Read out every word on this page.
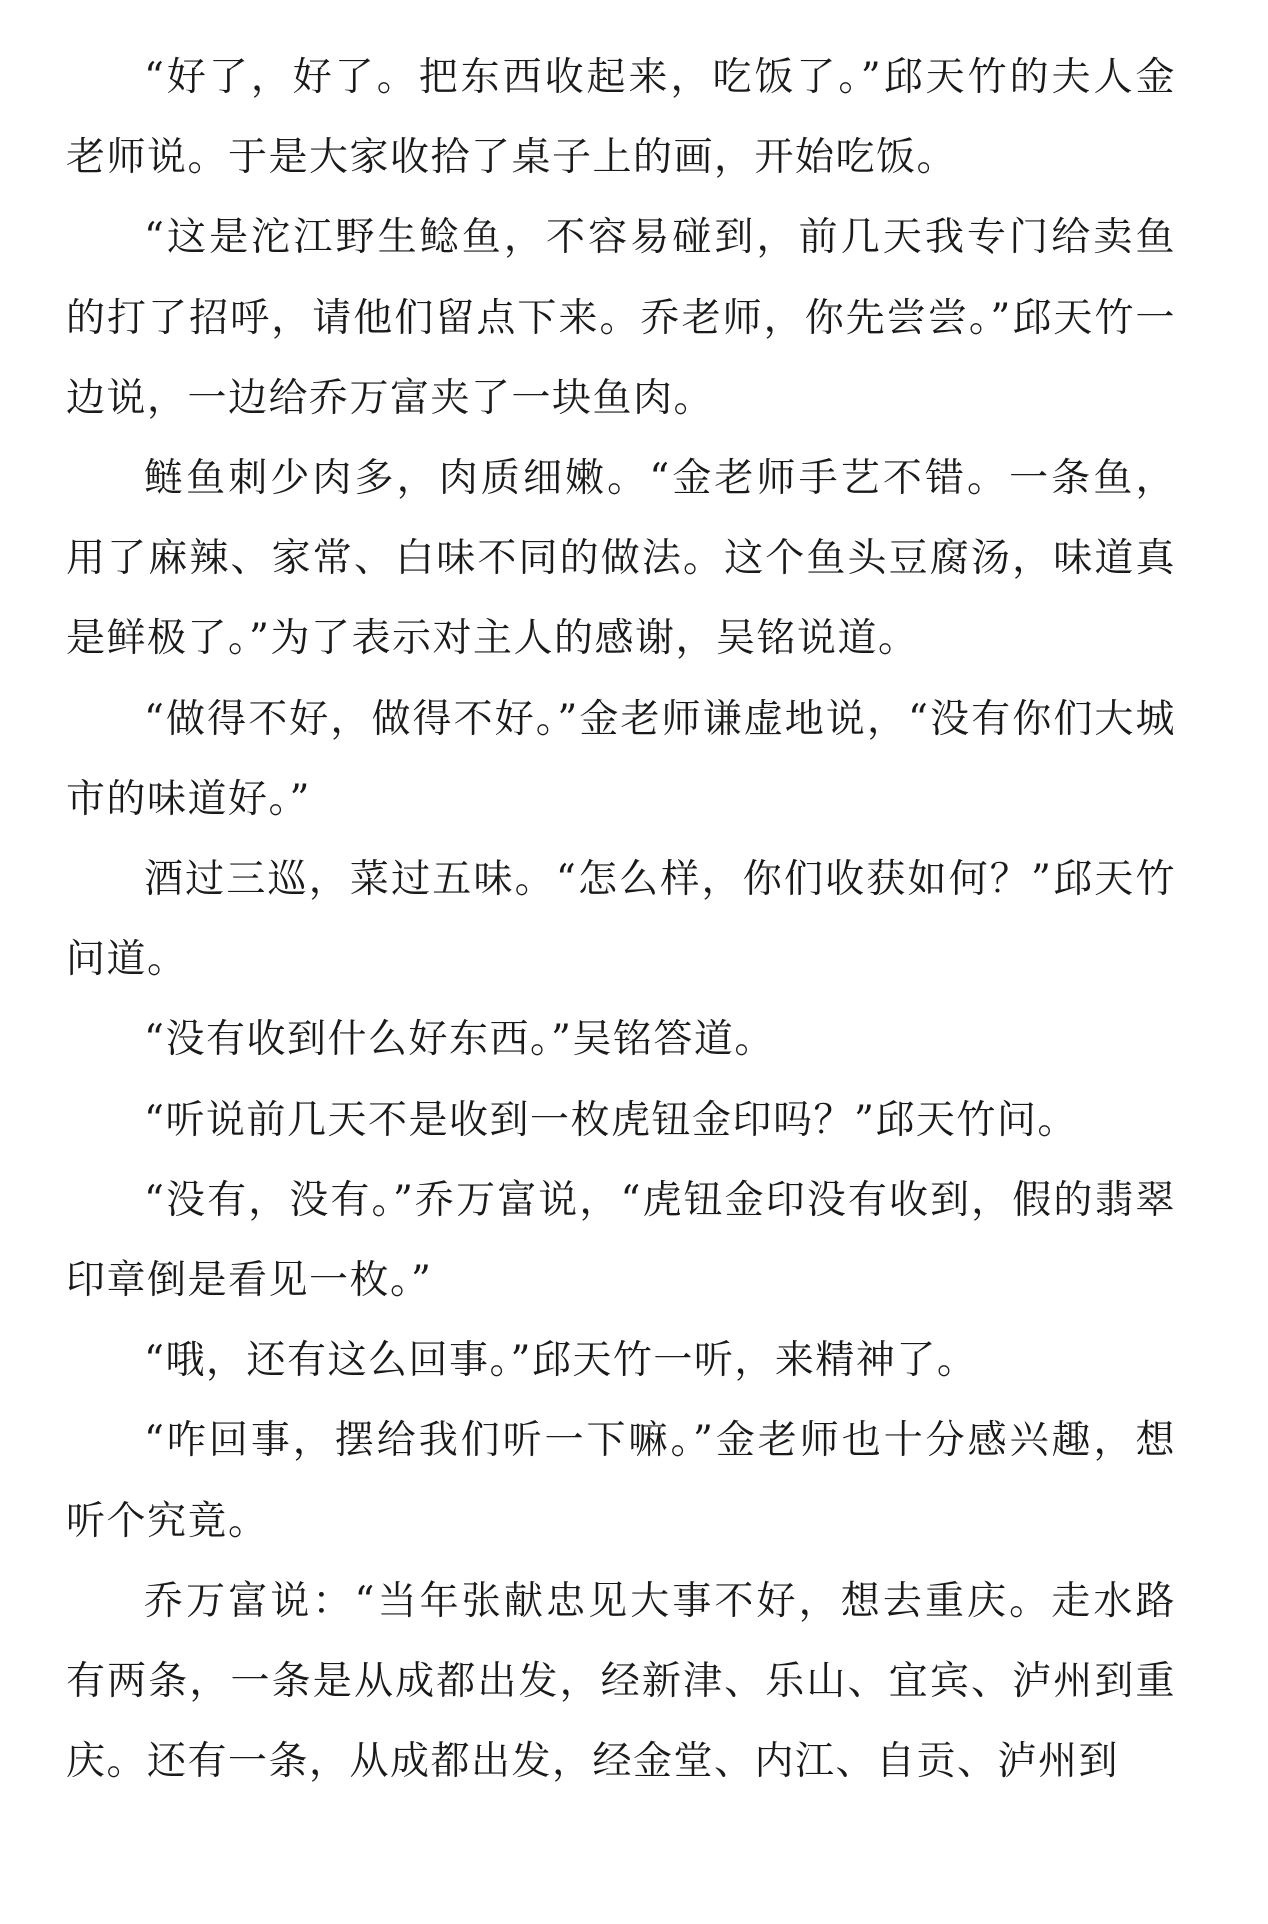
“好了，好了。把东西收起来，吃饭了。”邱天竹的夫人金老师说。于是大家收拾了桌子上的画，开始吃饭。

“这是沱江野生鲶鱼，不容易碰到，前几天我专门给卖鱼的打了招呼，请他们留点下来。乔老师，你先尝尝。”邱天竹一边说，一边给乔万富夹了一块鱼肉。

鲢鱼刺少肉多，肉质细嫩。“金老师手艺不错。一条鱼，用了麻辣、家常、白味不同的做法。这个鱼头豆腐汤，味道真是鲜极了。”为了表示对主人的感谢，吴铭说道。

“做得不好，做得不好。”金老师谦虚地说，“没有你们大城市的味道好。”

酒过三巡，菜过五味。“怎么样，你们收获如何？”邱天竹问道。

“没有收到什么好东西。”吴铭答道。

“听说前几天不是收到一枚虎钮金印吗？”邱天竹问。

“没有，没有。”乔万富说，“虎钮金印没有收到，假的翡翠印章倒是看见一枚。”

“哦，还有这么回事。”邱天竹一听，来精神了。

“咋回事，摆给我们听一下嘛。”金老师也十分感兴趣，想听个究竟。

乔万富说：“当年张献忠见大事不好，想去重庆。走水路有两条，一条是从成都出发，经新津、乐山、宜宾、泸州到重庆。还有一条，从成都出发，经金堂、内江、自贡、泸州到
